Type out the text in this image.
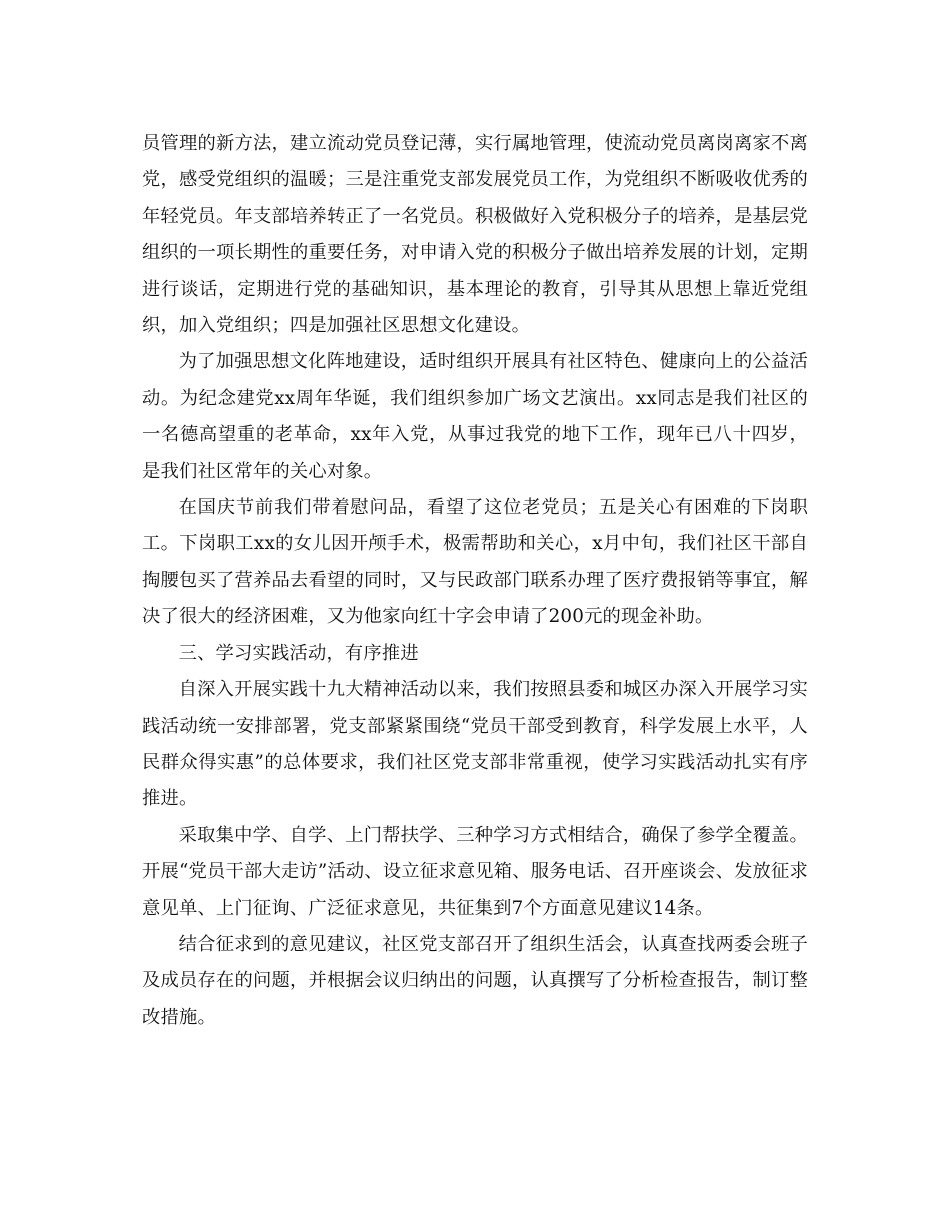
员管理的新方法，建立流动党员登记薄，实行属地管理，使流动党员离岗离家不离党，感受党组织的温暖；三是注重党支部发展党员工作，为党组织不断吸收优秀的年轻党员。年支部培养转正了一名党员。积极做好入党积极分子的培养，是基层党组织的一项长期性的重要任务，对申请入党的积极分子做出培养发展的计划，定期进行谈话，定期进行党的基础知识，基本理论的教育，引导其从思想上靠近党组织，加入党组织；四是加强社区思想文化建设。

为了加强思想文化阵地建设，适时组织开展具有社区特色、健康向上的公益活动。为纪念建党xx周年华诞，我们组织参加广场文艺演出。xx同志是我们社区的一名德高望重的老革命，xx年入党，从事过我党的地下工作，现年已八十四岁，是我们社区常年的关心对象。

在国庆节前我们带着慰问品，看望了这位老党员；五是关心有困难的下岗职工。下岗职工xx的女儿因开颅手术，极需帮助和关心，x月中旬，我们社区干部自掏腰包买了营养品去看望的同时，又与民政部门联系办理了医疗费报销等事宜，解决了很大的经济困难，又为他家向红十字会申请了200元的现金补助。

三、学习实践活动，有序推进

自深入开展实践十九大精神活动以来，我们按照县委和城区办深入开展学习实践活动统一安排部署，党支部紧紧围绕“党员干部受到教育，科学发展上水平，人民群众得实惠”的总体要求，我们社区党支部非常重视，使学习实践活动扎实有序推进。

采取集中学、自学、上门帮扶学、三种学习方式相结合，确保了参学全覆盖。开展“党员干部大走访”活动、设立征求意见箱、服务电话、召开座谈会、发放征求意见单、上门征询、广泛征求意见，共征集到7个方面意见建议14条。

结合征求到的意见建议，社区党支部召开了组织生活会，认真查找两委会班子及成员存在的问题，并根据会议归纳出的问题，认真撰写了分析检查报告，制订整改措施。
